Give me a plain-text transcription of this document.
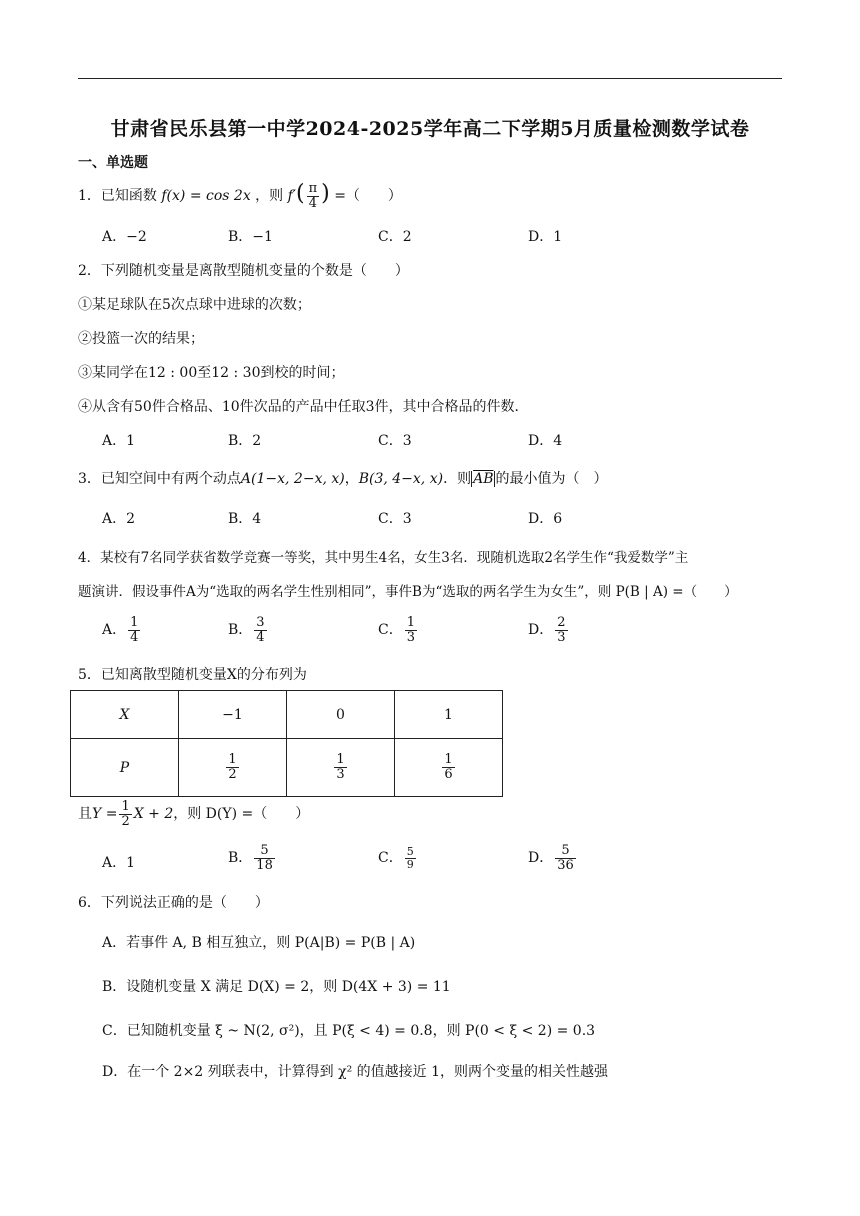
甘肃省民乐县第一中学2024-2025学年高二下学期5月质量检测数学试卷
一、单选题
1．已知函数 f(x) = cos 2x ，则 $f'( \frac{\pi}{4}$ ) =（　　）
A．−2	B．−1	C．2	D．1
2．下列随机变量是离散型随机变量的个数是（　　）
①某足球队在5次点球中进球的次数；
②投篮一次的结果；
③某同学在12 : 00至12 : 30到校的时间；
④从含有50件合格品、10件次品的产品中任取3件，其中合格品的件数．
A．1	B．2	C．3	D．4
3．已知空间中有两个动点A(1−x, 2−x, x)，B(3, 4−x, x)．则 $\overline{AB}$ 的最小值为（　）
A．2	B．4	C．3	D．6
4．某校有7名同学获省数学竞赛一等奖，其中男生4名，女生3名．现随机选取2名学生作“我爱数学”主
题演讲．假设事件A为“选取的两名学生性别相同”，事件B为“选取的两名学生为女生”，则 P(B | A) =（　　）
A． $\frac{1}{4}$	B． $\frac{3}{4}$	C． $\frac{1}{3}$	D． $\frac{2}{3}$
5．已知离散型随机变量X的分布列为
X	−1	0	1
P	$\frac{1}{2}$	$\frac{1}{3}$	$\frac{1}{6}$
且$Y = \frac{1}{2}$ X + 2，则 D(Y) =（　　）
A．1	B． $\frac{5}{18}$	C． $\frac{5}{9}$	D． $\frac{5}{36}$
6．下列说法正确的是（　　）
A．若事件 A, B 相互独立，则 P(A|B) = P(B | A)
B．设随机变量 X 满足 D(X) = 2，则 D(4X + 3) = 11
C．已知随机变量 ξ ~ N(2, σ²)，且 P(ξ < 4) = 0.8，则 P(0 < ξ < 2) = 0.3
D．在一个 2×2 列联表中，计算得到 χ² 的值越接近 1，则两个变量的相关性越强
